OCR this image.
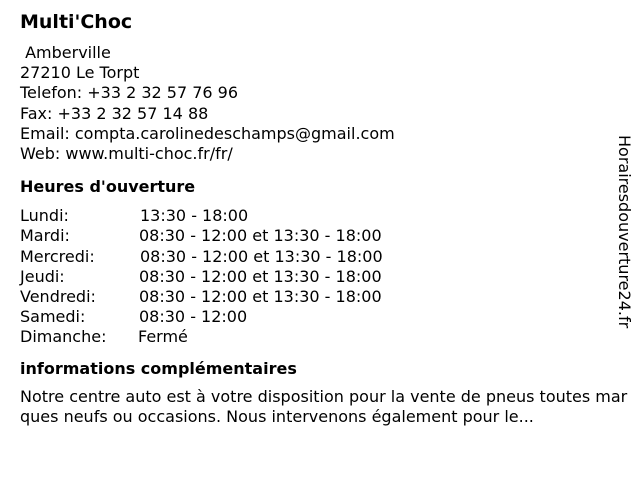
Multi'Choc
Amberville
27210 Le Torpt
Telefon: +33 2 32 57 76 96
Fax: +33 2 32 57 14 88
Email: compta.carolinedeschamps@gmail.com
Web: www.multi-choc.fr/fr/
Heures d'ouverture

Lundi:

	13:30 - 18:00

Mardi:

	08:30 - 12:00 et 13:30 - 18:00

Mercredi:

	08:30 - 12:00 et 13:30 - 18:00

Jeudi:

	08:30 - 12:00 et 13:30 - 18:00

Vendredi:

	08:30 - 12:00 et 13:30 - 18:00

Samedi:

	08:30 - 12:00

Dimanche:

Fermé

informations complémentaires
Notre centre auto est à votre disposition pour la vente de pneus toutes marques neufs ou occasions. Nous intervenons également pour le...
Horairesdouverture24.fr
